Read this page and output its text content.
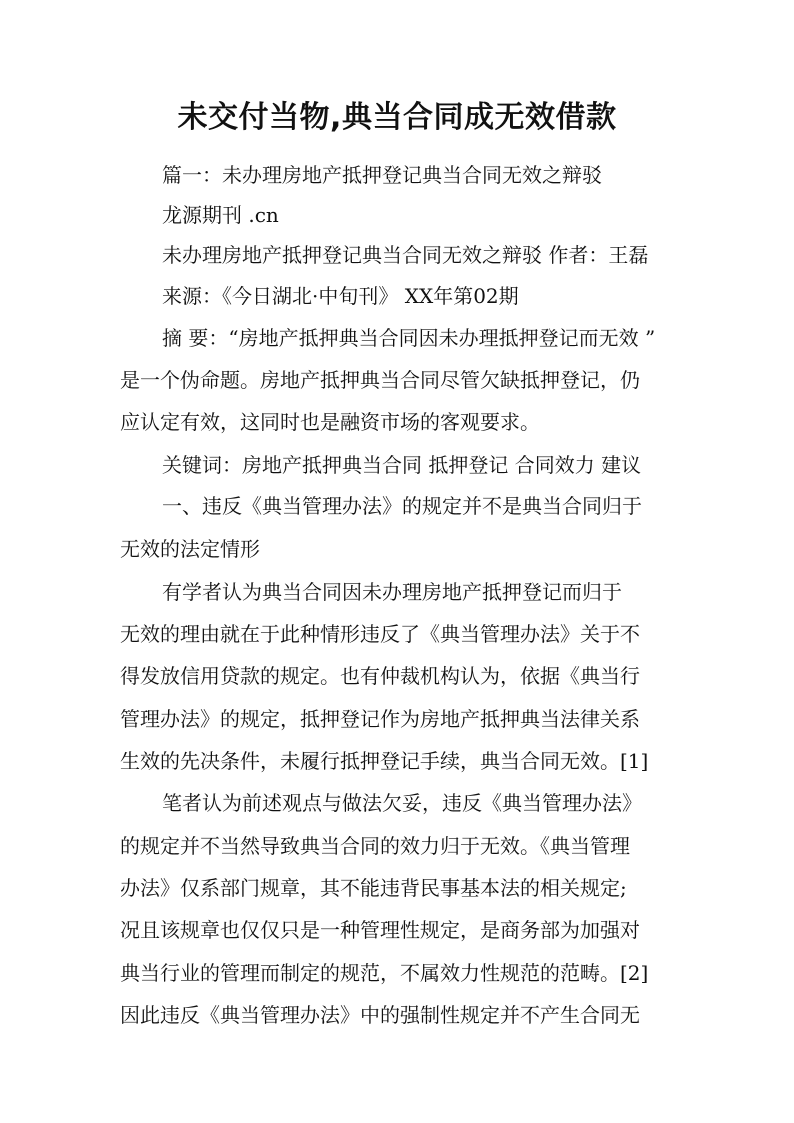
未交付当物,典当合同成无效借款

篇一：未办理房地产抵押登记典当合同无效之辩驳

龙源期刊 .cn

未办理房地产抵押登记典当合同无效之辩驳 作者：王磊

来源：《今日湖北·中旬刊》 XX年第02期

摘 要：“房地产抵押典当合同因未办理抵押登记而无效 ”

是一个伪命题。房地产抵押典当合同尽管欠缺抵押登记，仍

应认定有效，这同时也是融资市场的客观要求。

关键词：房地产抵押典当合同 抵押登记 合同效力 建议

一、违反《典当管理办法》的规定并不是典当合同归于

无效的法定情形

有学者认为典当合同因未办理房地产抵押登记而归于

无效的理由就在于此种情形违反了《典当管理办法》关于不

得发放信用贷款的规定。也有仲裁机构认为，依据《典当行

管理办法》的规定，抵押登记作为房地产抵押典当法律关系

生效的先决条件，未履行抵押登记手续，典当合同无效。[1]

笔者认为前述观点与做法欠妥，违反《典当管理办法》

的规定并不当然导致典当合同的效力归于无效。《典当管理

办法》仅系部门规章，其不能违背民事基本法的相关规定;

况且该规章也仅仅只是一种管理性规定，是商务部为加强对

典当行业的管理而制定的规范，不属效力性规范的范畴。[2]

因此违反《典当管理办法》中的强制性规定并不产生合同无
